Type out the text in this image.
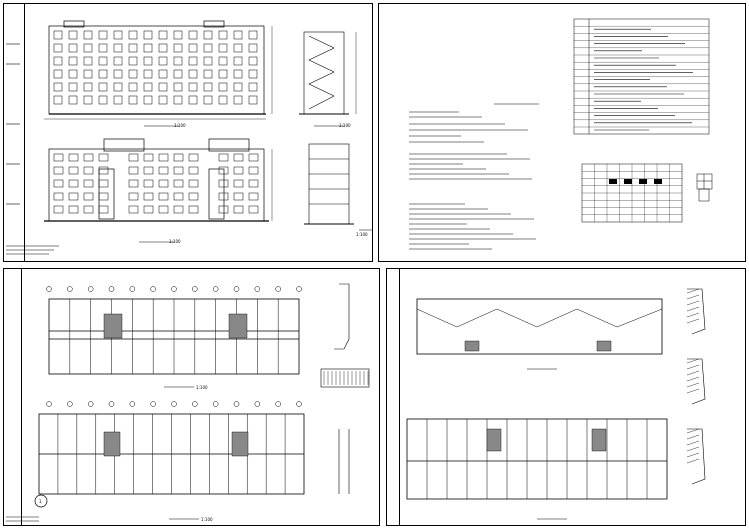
1:100
1:100
1:100
1:100
1
1:100
1:100
